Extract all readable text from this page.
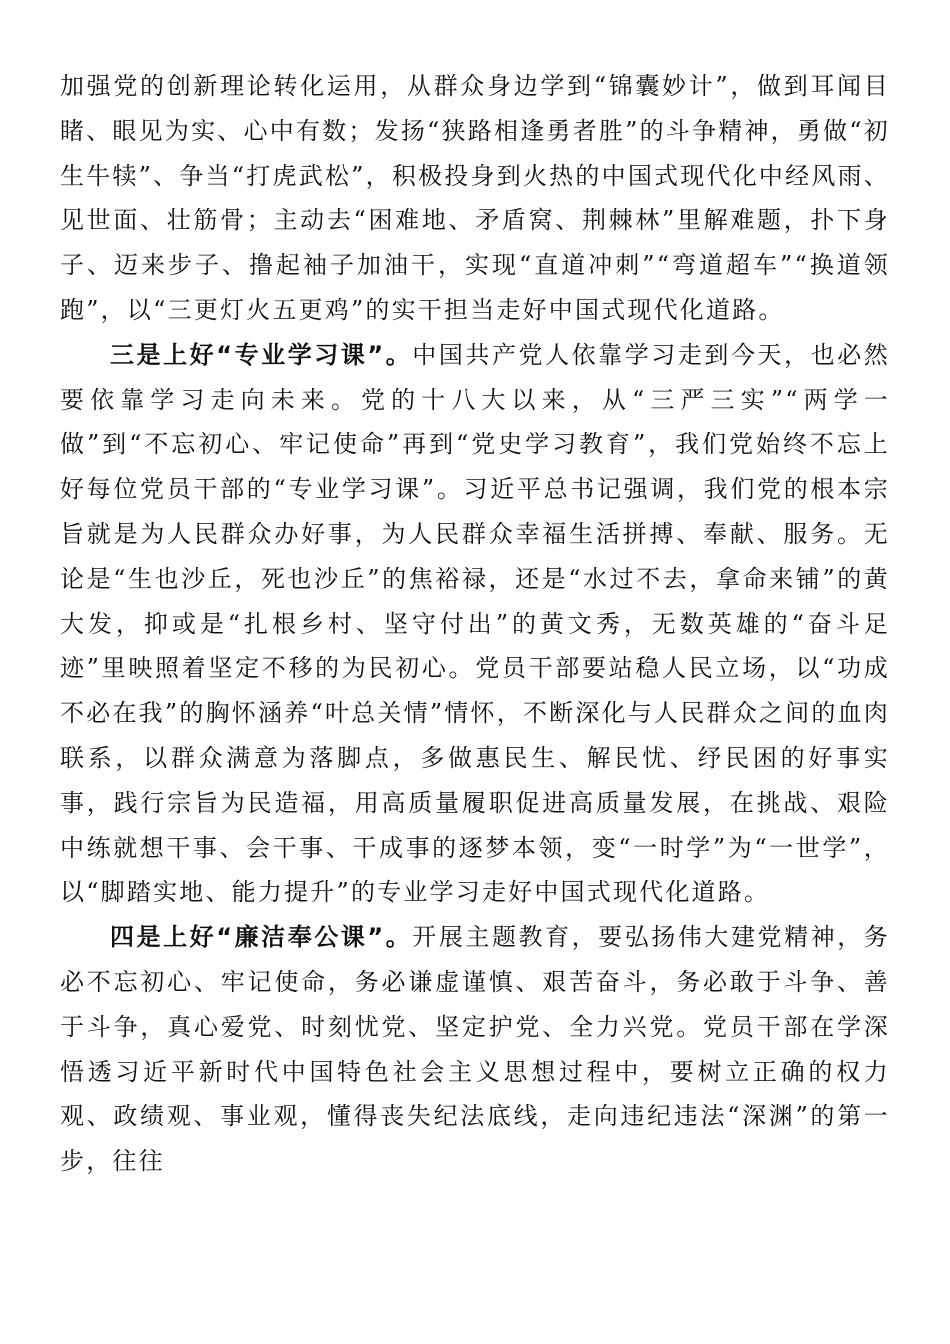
加强党的创新理论转化运用，从群众身边学到“锦囊妙计”，做到耳闻目睹、眼见为实、心中有数；发扬“狭路相逢勇者胜”的斗争精神，勇做“初生牛犊”、争当“打虎武松”，积极投身到火热的中国式现代化中经风雨、见世面、壮筋骨；主动去“困难地、矛盾窝、荆棘林”里解难题，扑下身子、迈来步子、撸起袖子加油干，实现“直道冲刺”“弯道超车”“换道领跑”，以“三更灯火五更鸡”的实干担当走好中国式现代化道路。

三是上好“专业学习课”。中国共产党人依靠学习走到今天，也必然要依靠学习走向未来。党的十八大以来，从“三严三实”“两学一做”到“不忘初心、牢记使命”再到“党史学习教育”，我们党始终不忘上好每位党员干部的“专业学习课”。习近平总书记强调，我们党的根本宗旨就是为人民群众办好事，为人民群众幸福生活拼搏、奉献、服务。无论是“生也沙丘，死也沙丘”的焦裕禄，还是“水过不去，拿命来铺”的黄大发，抑或是“扎根乡村、坚守付出”的黄文秀，无数英雄的“奋斗足迹”里映照着坚定不移的为民初心。党员干部要站稳人民立场，以“功成不必在我”的胸怀涵养“叶总关情”情怀，不断深化与人民群众之间的血肉联系，以群众满意为落脚点，多做惠民生、解民忧、纾民困的好事实事，践行宗旨为民造福，用高质量履职促进高质量发展，在挑战、艰险中练就想干事、会干事、干成事的逐梦本领，变“一时学”为“一世学”，以“脚踏实地、能力提升”的专业学习走好中国式现代化道路。

四是上好“廉洁奉公课”。开展主题教育，要弘扬伟大建党精神，务必不忘初心、牢记使命，务必谦虚谨慎、艰苦奋斗，务必敢于斗争、善于斗争，真心爱党、时刻忧党、坚定护党、全力兴党。党员干部在学深悟透习近平新时代中国特色社会主义思想过程中，要树立正确的权力观、政绩观、事业观，懂得丧失纪法底线，走向违纪违法“深渊”的第一步，往往
